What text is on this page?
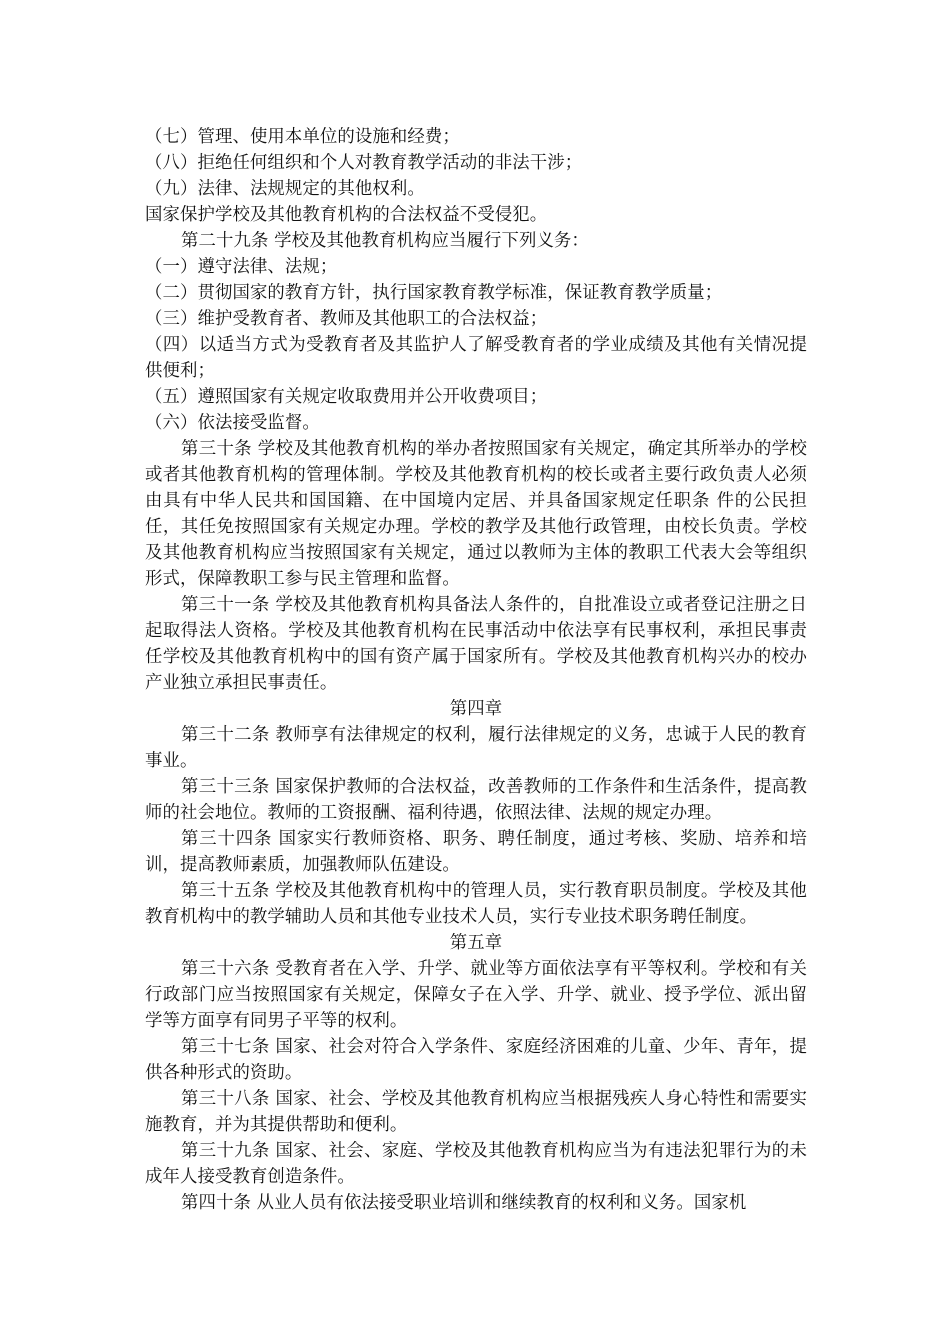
（七）管理、使用本单位的设施和经费；

（八）拒绝任何组织和个人对教育教学活动的非法干涉；

（九）法律、法规规定的其他权利。

国家保护学校及其他教育机构的合法权益不受侵犯。

第二十九条 学校及其他教育机构应当履行下列义务：

（一）遵守法律、法规；

（二）贯彻国家的教育方针，执行国家教育教学标准，保证教育教学质量；

（三）维护受教育者、教师及其他职工的合法权益；

（四）以适当方式为受教育者及其监护人了解受教育者的学业成绩及其他有关情况提供便利；

（五）遵照国家有关规定收取费用并公开收费项目；

（六）依法接受监督。

第三十条 学校及其他教育机构的举办者按照国家有关规定，确定其所举办的学校或者其他教育机构的管理体制。学校及其他教育机构的校长或者主要行政负责人必须由具有中华人民共和国国籍、在中国境内定居、并具备国家规定任职条 件的公民担任，其任免按照国家有关规定办理。学校的教学及其他行政管理，由校长负责。学校及其他教育机构应当按照国家有关规定，通过以教师为主体的教职工代表大会等组织形式，保障教职工参与民主管理和监督。

第三十一条 学校及其他教育机构具备法人条件的，自批准设立或者登记注册之日起取得法人资格。学校及其他教育机构在民事活动中依法享有民事权利，承担民事责任学校及其他教育机构中的国有资产属于国家所有。学校及其他教育机构兴办的校办产业独立承担民事责任。

第四章

第三十二条 教师享有法律规定的权利，履行法律规定的义务，忠诚于人民的教育事业。

第三十三条 国家保护教师的合法权益，改善教师的工作条件和生活条件，提高教师的社会地位。教师的工资报酬、福利待遇，依照法律、法规的规定办理。

第三十四条 国家实行教师资格、职务、聘任制度，通过考核、奖励、培养和培训，提高教师素质，加强教师队伍建设。

第三十五条 学校及其他教育机构中的管理人员，实行教育职员制度。学校及其他教育机构中的教学辅助人员和其他专业技术人员，实行专业技术职务聘任制度。

第五章

第三十六条 受教育者在入学、升学、就业等方面依法享有平等权利。学校和有关行政部门应当按照国家有关规定，保障女子在入学、升学、就业、授予学位、派出留学等方面享有同男子平等的权利。

第三十七条 国家、社会对符合入学条件、家庭经济困难的儿童、少年、青年，提供各种形式的资助。

第三十八条 国家、社会、学校及其他教育机构应当根据残疾人身心特性和需要实施教育，并为其提供帮助和便利。

第三十九条 国家、社会、家庭、学校及其他教育机构应当为有违法犯罪行为的未成年人接受教育创造条件。

第四十条 从业人员有依法接受职业培训和继续教育的权利和义务。国家机
